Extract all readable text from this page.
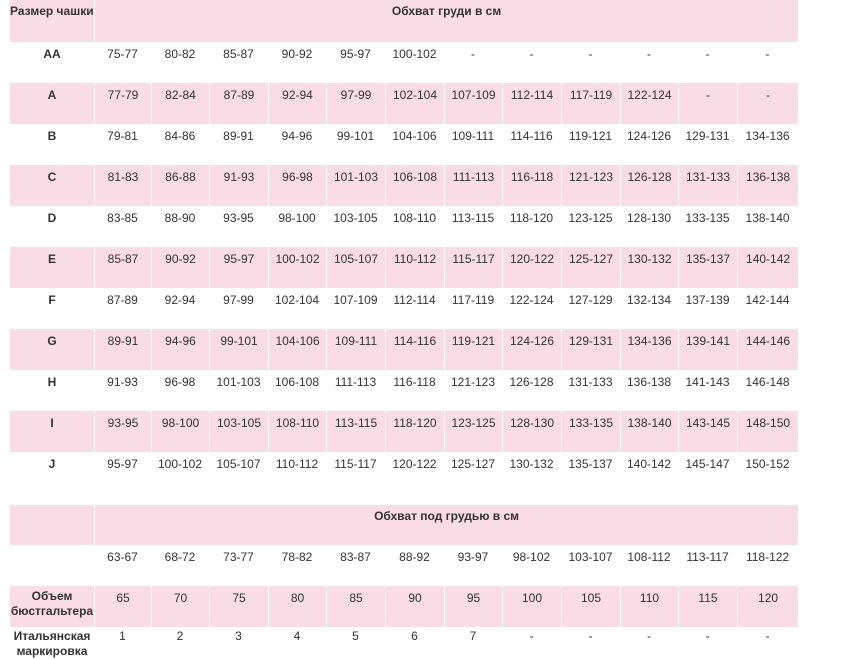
Размер чашки	Обхват груди в см											
AA	75-77	80-82	85-87	90-92	95-97	100-102	-	-	-	-	-	-
A	77-79	82-84	87-89	92-94	97-99	102-104	107-109	112-114	117-119	122-124	-	-
B	79-81	84-86	89-91	94-96	99-101	104-106	109-111	114-116	119-121	124-126	129-131	134-136
C	81-83	86-88	91-93	96-98	101-103	106-108	111-113	116-118	121-123	126-128	131-133	136-138
D	83-85	88-90	93-95	98-100	103-105	108-110	113-115	118-120	123-125	128-130	133-135	138-140
E	85-87	90-92	95-97	100-102	105-107	110-112	115-117	120-122	125-127	130-132	135-137	140-142
F	87-89	92-94	97-99	102-104	107-109	112-114	117-119	122-124	127-129	132-134	137-139	142-144
G	89-91	94-96	99-101	104-106	109-111	114-116	119-121	124-126	129-131	134-136	139-141	144-146
H	91-93	96-98	101-103	106-108	111-113	116-118	121-123	126-128	131-133	136-138	141-143	146-148
I	93-95	98-100	103-105	108-110	113-115	118-120	123-125	128-130	133-135	138-140	143-145	148-150
J	95-97	100-102	105-107	110-112	115-117	120-122	125-127	130-132	135-137	140-142	145-147	150-152

	Обхват под грудью в см											
	63-67	68-72	73-77	78-82	83-87	88-92	93-97	98-102	103-107	108-112	113-117	118-122

Объем
бюстгальтера	65	70	75	80	85	90	95	100	105	110	115	120

Итальянская
маркировка	1	2	3	4	5	6	7	-	-	-	-	-
